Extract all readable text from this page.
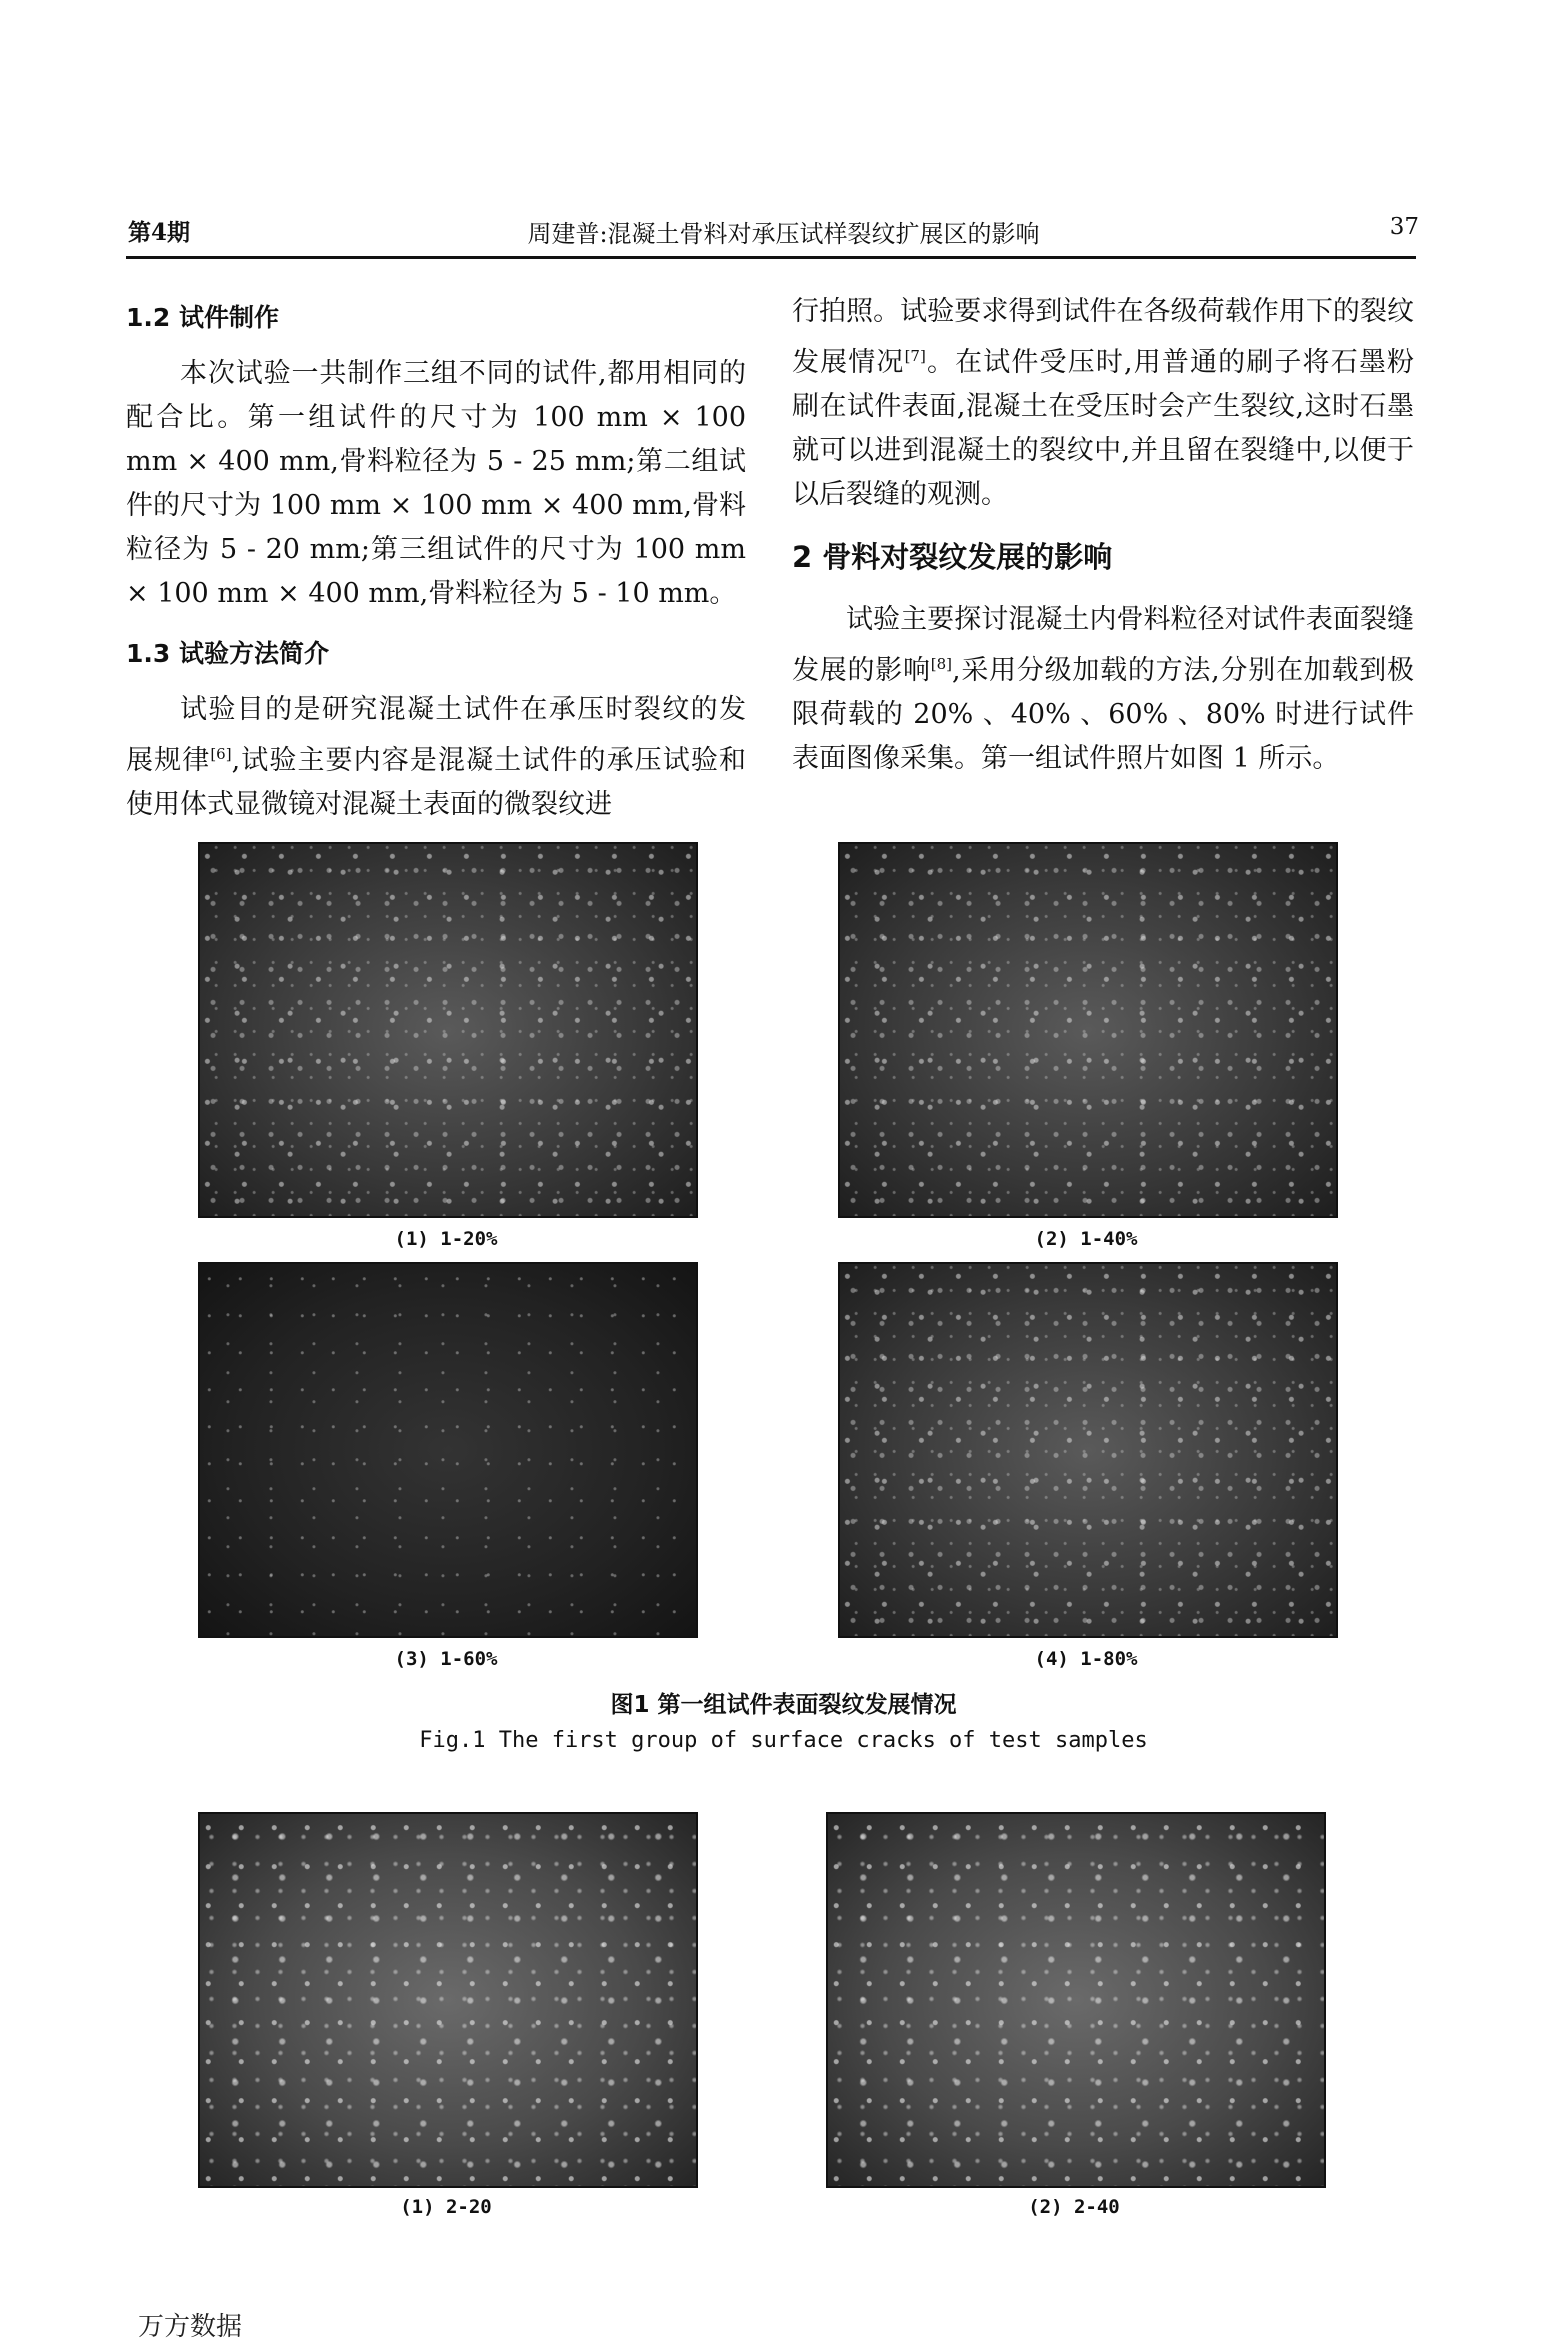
第4期	周建普:混凝土骨料对承压试样裂纹扩展区的影响	37
1.2 试件制作

本次试验一共制作三组不同的试件,都用相同的配合比。第一组试件的尺寸为 100 mm × 100 mm × 400 mm,骨料粒径为 5 - 25 mm;第二组试件的尺寸为 100 mm × 100 mm × 400 mm,骨料粒径为 5 - 20 mm;第三组试件的尺寸为 100 mm × 100 mm × 400 mm,骨料粒径为 5 - 10 mm。

1.3 试验方法简介

试验目的是研究混凝土试件在承压时裂纹的发展规律[6],试验主要内容是混凝土试件的承压试验和使用体式显微镜对混凝土表面的微裂纹进

行拍照。试验要求得到试件在各级荷载作用下的裂纹发展情况[7]。在试件受压时,用普通的刷子将石墨粉刷在试件表面,混凝土在受压时会产生裂纹,这时石墨就可以进到混凝土的裂纹中,并且留在裂缝中,以便于以后裂缝的观测。

2 骨料对裂纹发展的影响

试验主要探讨混凝土内骨料粒径对试件表面裂缝发展的影响[8],采用分级加载的方法,分别在加载到极限荷载的 20% 、40% 、60% 、80% 时进行试件表面图像采集。第一组试件照片如图 1 所示。

(1) 1-20%	(2) 1-40%
(3) 1-60%	(4) 1-80%
图1 第一组试件表面裂纹发展情况
Fig.1 The first group of surface cracks of test samples
(1) 2-20	(2) 2-40
万方数据
